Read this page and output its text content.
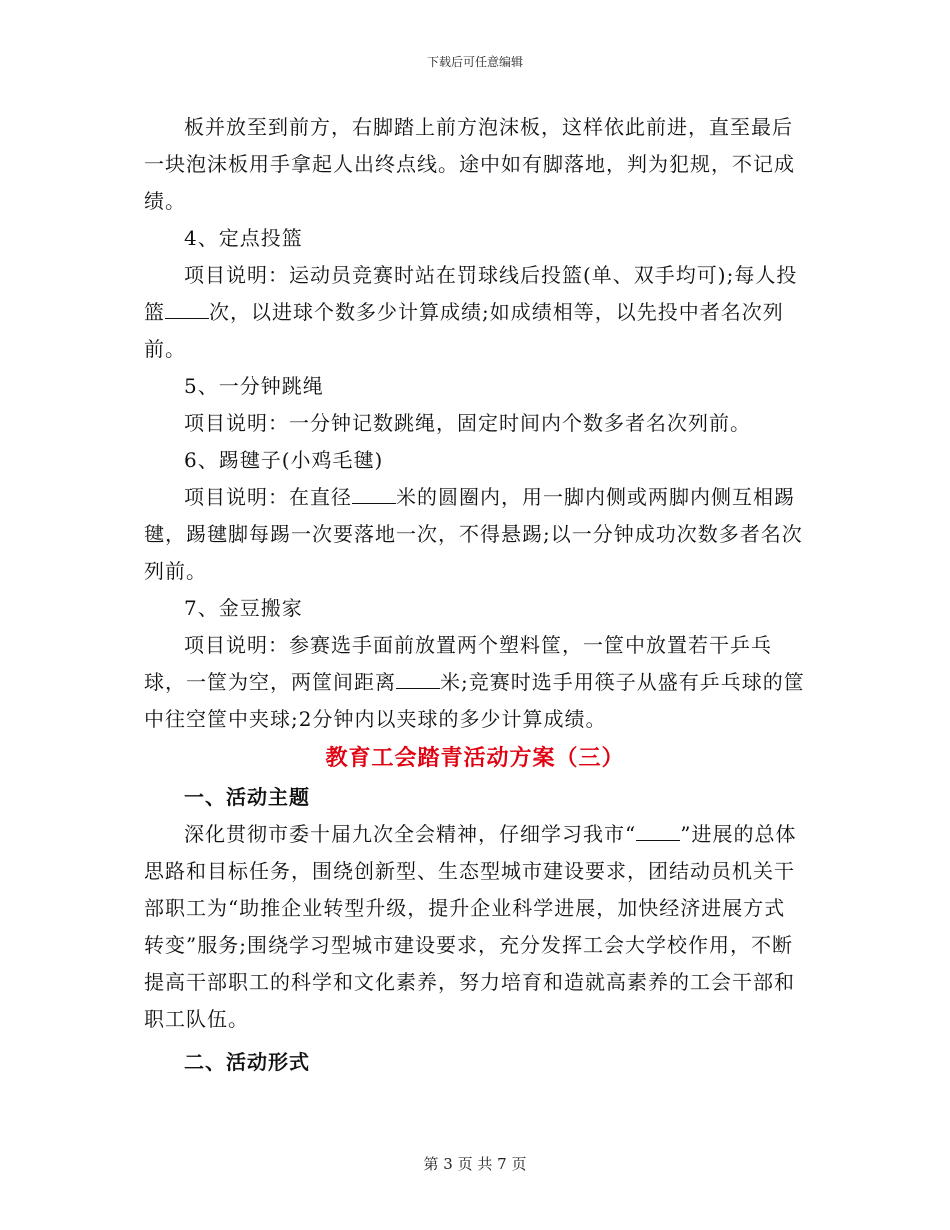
下载后可任意编辑

板并放至到前方，右脚踏上前方泡沫板，这样依此前进，直至最后一块泡沫板用手拿起人出终点线。途中如有脚落地，判为犯规，不记成绩。

4、定点投篮

项目说明：运动员竞赛时站在罚球线后投篮(单、双手均可);每人投篮 次，以进球个数多少计算成绩;如成绩相等，以先投中者名次列前。

5、一分钟跳绳

项目说明：一分钟记数跳绳，固定时间内个数多者名次列前。

6、踢毽子(小鸡毛毽)

项目说明：在直径 米的圆圈内，用一脚内侧或两脚内侧互相踢毽，踢毽脚每踢一次要落地一次，不得悬踢;以一分钟成功次数多者名次列前。

7、金豆搬家

项目说明：参赛选手面前放置两个塑料筐，一筐中放置若干乒乓球，一筐为空，两筐间距离 米;竞赛时选手用筷子从盛有乒乓球的筐中往空筐中夹球;2分钟内以夹球的多少计算成绩。

教育工会踏青活动方案（三）

一、活动主题

深化贯彻市委十届九次全会精神，仔细学习我市“ ”进展的总体思路和目标任务，围绕创新型、生态型城市建设要求，团结动员机关干部职工为“助推企业转型升级，提升企业科学进展，加快经济进展方式转变”服务;围绕学习型城市建设要求，充分发挥工会大学校作用，不断提高干部职工的科学和文化素养，努力培育和造就高素养的工会干部和职工队伍。

二、活动形式

第 3 页 共 7 页
